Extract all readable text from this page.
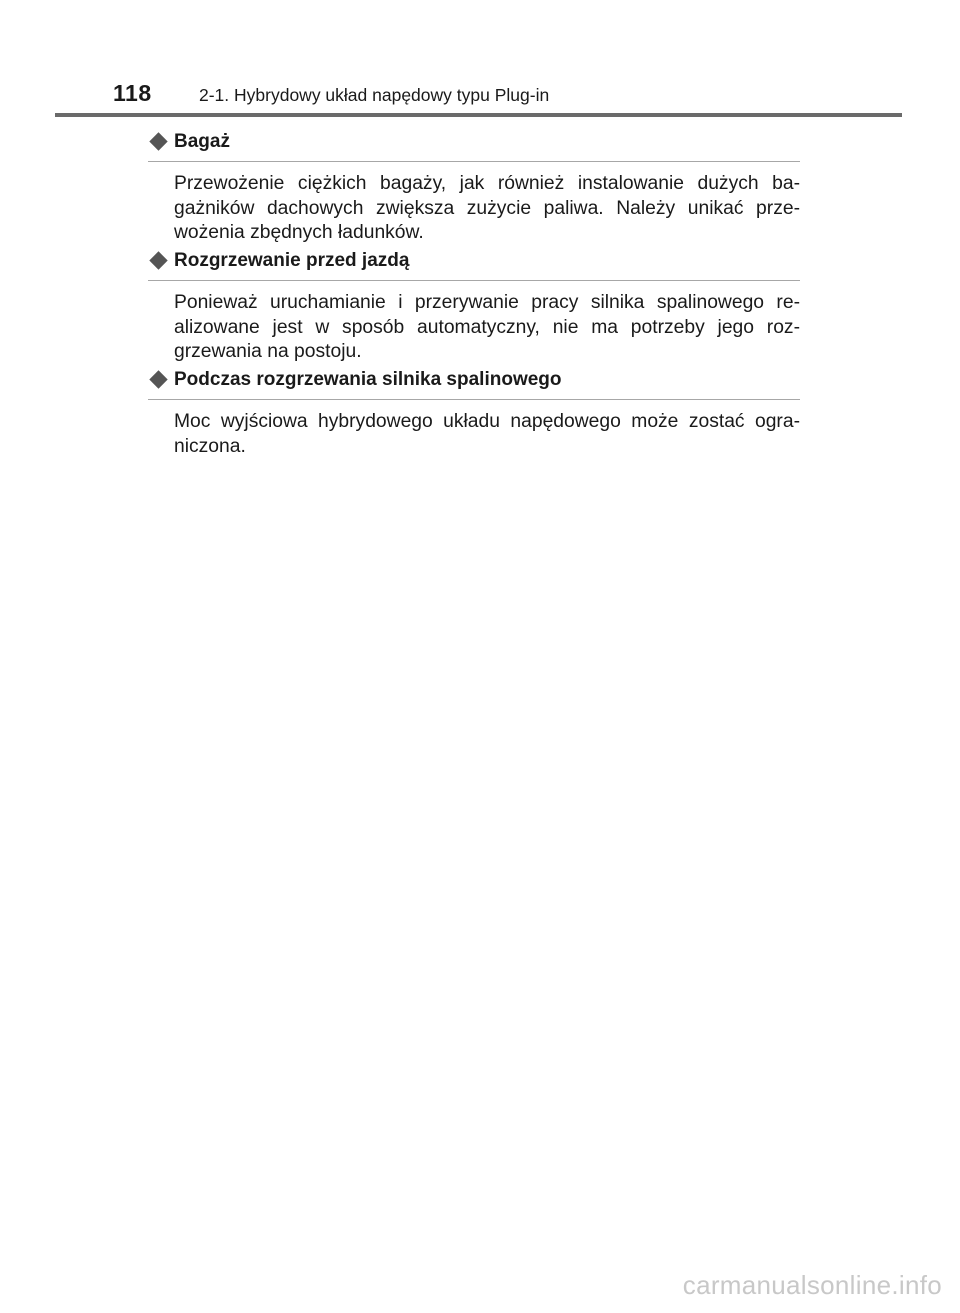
118	2-1. Hybrydowy układ napędowy typu Plug-in
Bagaż
Przewożenie ciężkich bagaży, jak również instalowanie dużych ba-
gażników dachowych zwiększa zużycie paliwa. Należy unikać prze-
wożenia zbędnych ładunków.
Rozgrzewanie przed jazdą
Ponieważ uruchamianie i przerywanie pracy silnika spalinowego re-
alizowane jest w sposób automatyczny, nie ma potrzeby jego roz-
grzewania na postoju.
Podczas rozgrzewania silnika spalinowego
Moc wyjściowa hybrydowego układu napędowego może zostać ogra-
niczona.
carmanualsonline.info
